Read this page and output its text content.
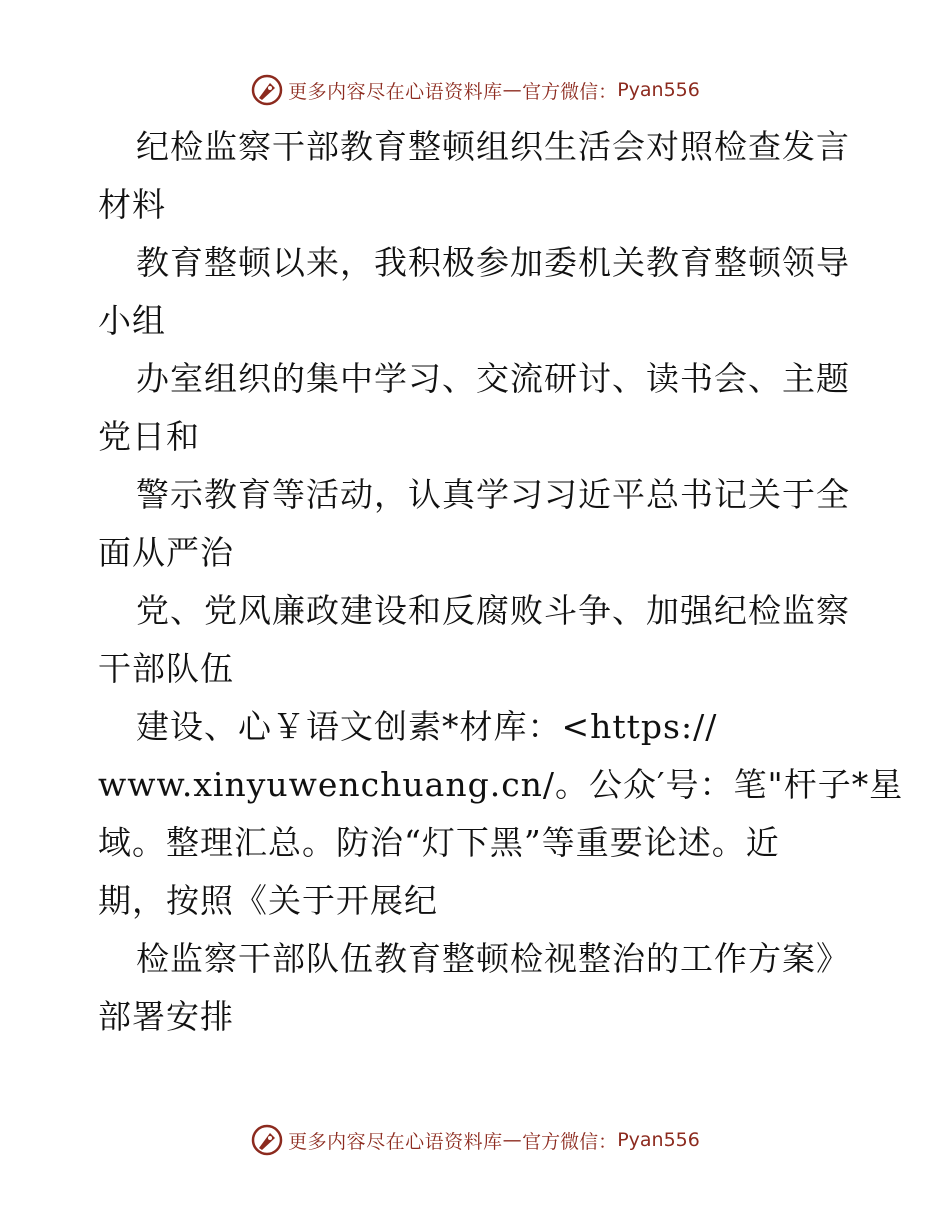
更多内容尽在心语资料库 — 官方微信： Pyan556
纪检监察干部教育整顿组织生活会对照检查发言
材料
教育整顿以来，我积极参加委机关教育整顿领导
小组
办室组织的集中学习、交流研讨、读书会、主题
党日和
警示教育等活动，认真学习习近平总书记关于全
面从严治
党、党风廉政建设和反腐败斗争、加强纪检监察
干部队伍
建设、心￥语文创素*材库：<https://
www.xinyuwenchuang.cn/。公众′号：笔"杆子*星
域。整理汇总。防治“灯下黑”等重要论述。近
期，按照《关于开展纪
检监察干部队伍教育整顿检视整治的工作方案》
部署安排
更多内容尽在心语资料库 — 官方微信： Pyan556
